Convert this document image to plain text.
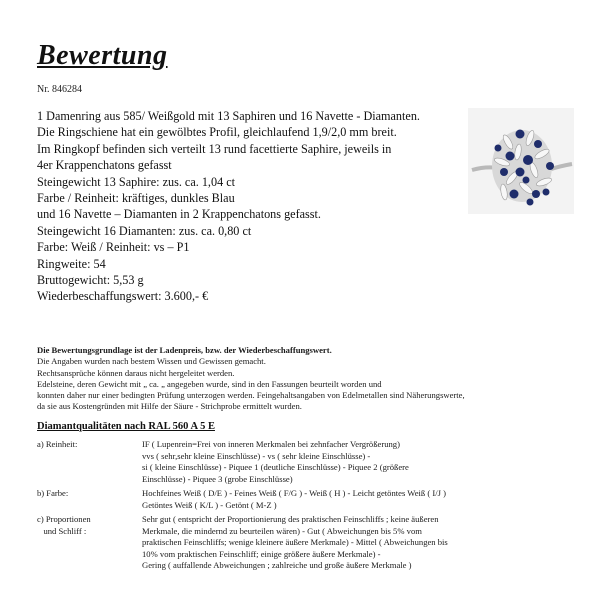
Bewertung
Nr. 846284
1 Damenring aus 585/ Weißgold mit 13 Saphiren und 16 Navette - Diamanten.
Die Ringschiene hat ein gewölbtes Profil, gleichlaufend 1,9/2,0 mm breit.
Im Ringkopf befinden sich verteilt 13 rund facettierte Saphire, jeweils in
4er Krappenchatons gefasst
Steingewicht 13 Saphire: zus. ca. 1,04 ct
Farbe / Reinheit: kräftiges, dunkles Blau
und 16 Navette – Diamanten in 2 Krappenchatons gefasst.
Steingewicht 16 Diamanten: zus. ca. 0,80 ct
Farbe: Weiß / Reinheit: vs – P1
Ringweite: 54
Bruttogewicht: 5,53 g
Wiederbeschaffungswert: 3.600,- €
Die Bewertungsgrundlage ist der Ladenpreis, bzw. der Wiederbeschaffungswert.
Die Angaben wurden nach bestem Wissen und Gewissen gemacht.
Rechtsansprüche können daraus nicht hergeleitet werden.
Edelsteine, deren Gewicht mit „ ca. „ angegeben wurde, sind in den Fassungen beurteilt worden und
konnten daher nur einer bedingten Prüfung unterzogen werden. Feingehaltsangaben von Edelmetallen sind Näherungswerte,
da sie aus Kostengründen mit Hilfe der Säure - Strichprobe ermittelt wurden.
Diamantqualitäten nach RAL 560 A 5 E
a) Reinheit:	IF ( Lupenrein=Frei von inneren Merkmalen bei zehnfacher Vergrößerung)
vvs ( sehr,sehr kleine Einschlüsse) - vs ( sehr kleine Einschlüsse) -
si ( kleine Einschlüsse) - Piquee 1 (deutliche Einschlüsse) - Piquee 2 (größere
Einschlüsse) - Piquee 3 (grobe Einschlüsse)
b) Farbe:	Hochfeines Weiß ( D/E ) - Feines Weiß ( F/G ) - Weiß ( H ) - Leicht getöntes Weiß ( I/J )
Getöntes Weiß ( K/L ) - Getönt ( M-Z )
c) Proportionen
und Schliff :
Sehr gut ( entspricht der Proportionierung des praktischen Feinschliffs ; keine äußeren
Merkmale, die mindernd zu beurteilen wären) - Gut ( Abweichungen bis 5% vom
praktischen Feinschliffs; wenige kleinere äußere Merkmale) - Mittel ( Abweichungen bis
10% vom praktischen Feinschliff; einige größere äußere Merkmale) -
Gering ( auffallende Abweichungen ; zahlreiche und große äußere Merkmale )
